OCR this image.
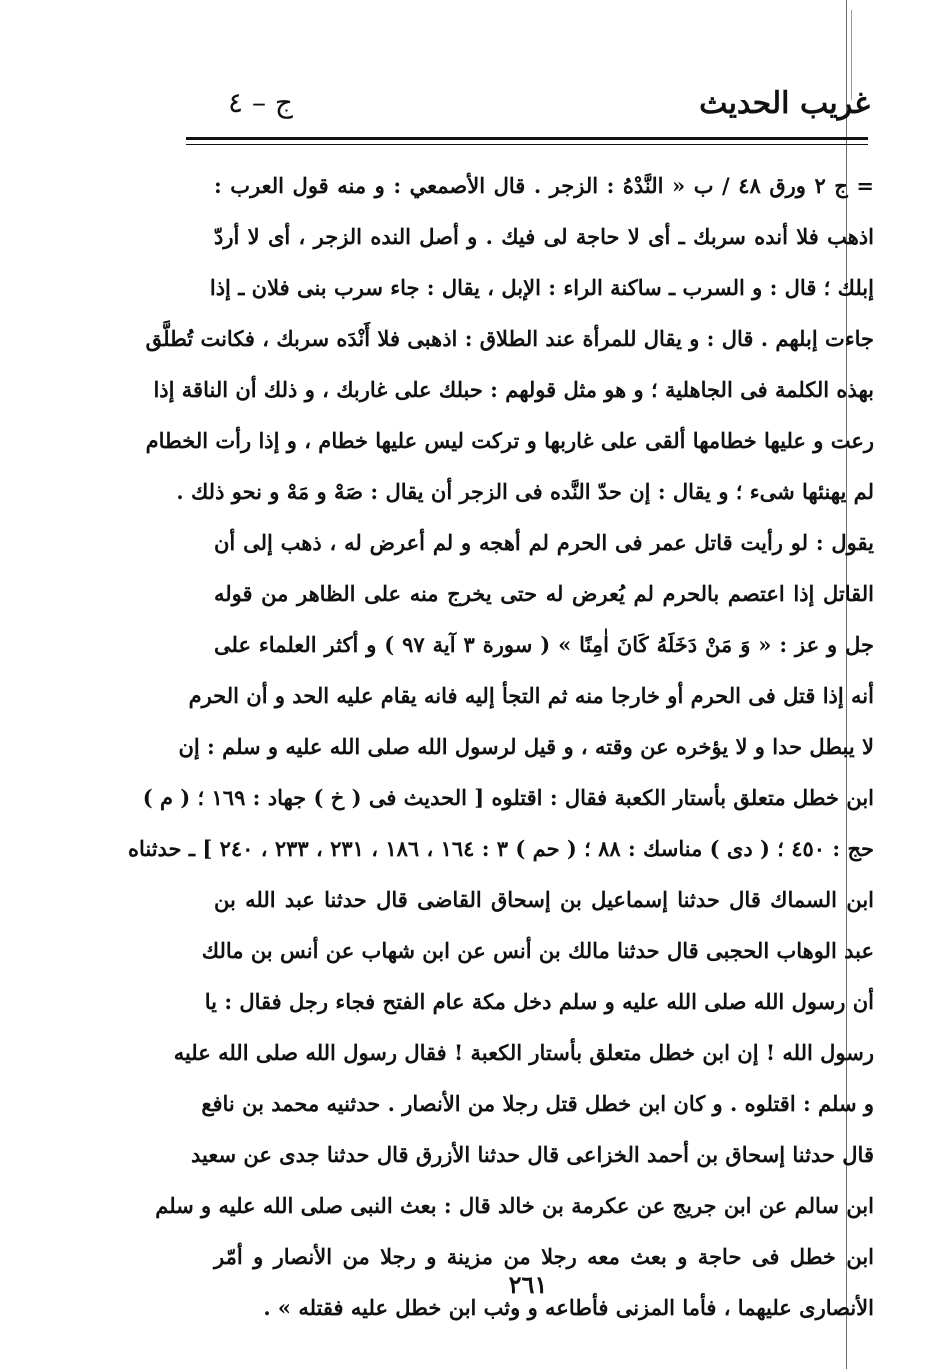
غريب الحديث
ج – ٤
= ج ٢ ورق ٤٨ / ب « النَّدْهُ : الزجر . قال الأصمعي : و منه قول العرب :
اذهب فلا أنده سربك ـ أى لا حاجة لى فيك . و أصل النده الزجر ، أى لا أردّ
إبلك ؛ قال : و السرب ـ ساكنة الراء : الإبل ، يقال : جاء سرب بنى فلان ـ إذا
جاءت إبلهم . قال : و يقال للمرأة عند الطلاق : اذهبى فلا أَنْدَه سربك ، فكانت تُطلَّق
بهذه الكلمة فى الجاهلية ؛ و هو مثل قولهم : حبلك على غاربك ، و ذلك أن الناقة إذا
رعت و عليها خطامها ألقى على غاربها و تركت ليس عليها خطام ، و إذا رأت الخطام
لم يهنئها شىء ؛ و يقال : إن حدّ النَّده فى الزجر أن يقال : صَهْ و مَهْ و نحو ذلك .
يقول : لو رأيت قاتل عمر فى الحرم لم أهجه و لم أعرض له ، ذهب إلى أن
القاتل إذا اعتصم بالحرم لم يُعرض له حتى يخرج منه على الظاهر من قوله
جل و عز : « وَ مَنْ دَخَلَهُ كَانَ اٰمِنًا » ( سورة ٣ آية ٩٧ ) و أكثر العلماء على
أنه إذا قتل فى الحرم أو خارجا منه ثم التجأ إليه فانه يقام عليه الحد و أن الحرم
لا يبطل حدا و لا يؤخره عن وقته ، و قيل لرسول الله صلى الله عليه و سلم : إن
ابن خطل متعلق بأستار الكعبة فقال : اقتلوه [ الحديث فى ( خ ) جهاد : ١٦٩ ؛ ( م )
حج : ٤٥٠ ؛ ( دى ) مناسك : ٨٨ ؛ ( حم ) ٣ : ١٦٤ ، ١٨٦ ، ٢٣١ ، ٢٣٣ ، ٢٤٠ ] ـ حدثناه
ابن السماك قال حدثنا إسماعيل بن إسحاق القاضى قال حدثنا عبد الله بن
عبد الوهاب الحجبى قال حدثنا مالك بن أنس عن ابن شهاب عن أنس بن مالك
أن رسول الله صلى الله عليه و سلم دخل مكة عام الفتح فجاء رجل فقال : يا
رسول الله ! إن ابن خطل متعلق بأستار الكعبة ! فقال رسول الله صلى الله عليه
و سلم : اقتلوه . و كان ابن خطل قتل رجلا من الأنصار . حدثنيه محمد بن نافع
قال حدثنا إسحاق بن أحمد الخزاعى قال حدثنا الأزرق قال حدثنا جدى عن سعيد
ابن سالم عن ابن جريج عن عكرمة بن خالد قال : بعث النبى صلى الله عليه و سلم
ابن خطل فى حاجة و بعث معه رجلا من مزينة و رجلا من الأنصار و أمّر
الأنصارى عليهما ، فأما المزنى فأطاعه و وثب ابن خطل عليه فقتله » .
٢٦١
